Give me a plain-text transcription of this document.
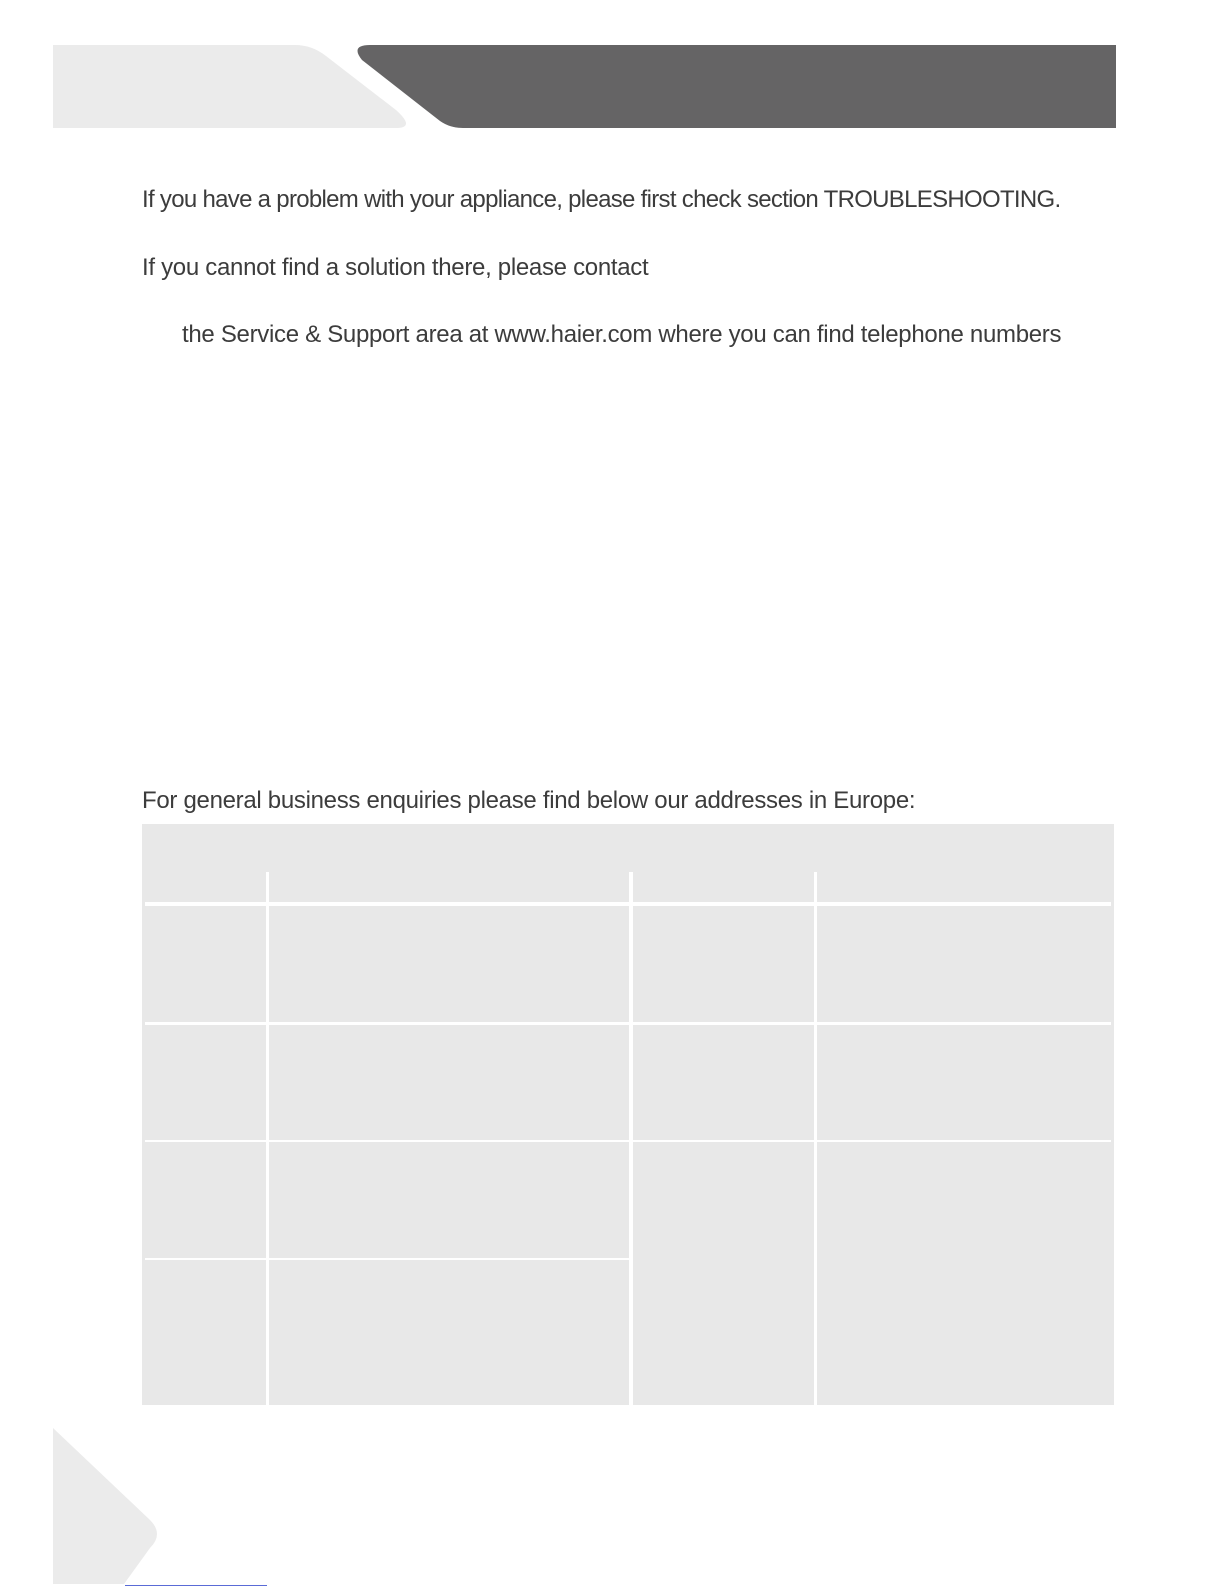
If you have a problem with your appliance, please first check section TROUBLESHOOTING.

If you cannot find a solution there, please contact

the Service & Support area at www.haier.com where you can find telephone numbers

For general business enquiries please find below our addresses in Europe:
